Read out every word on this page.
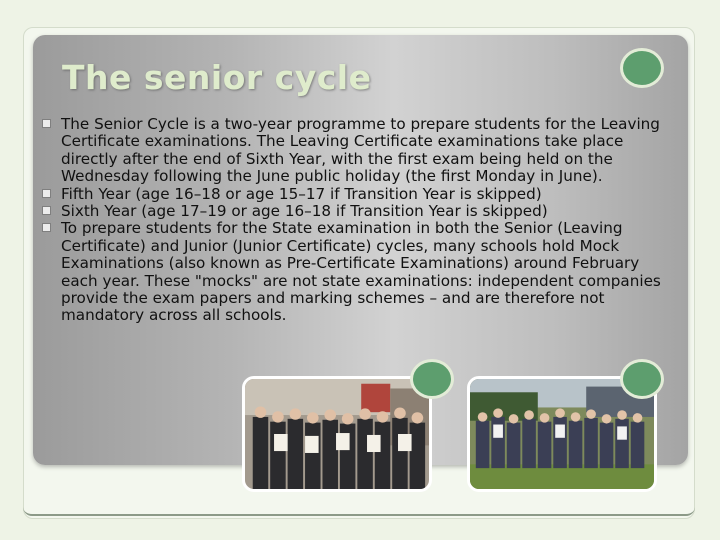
The senior cycle
The Senior Cycle is a two-year programme to prepare students for the Leaving Certificate examinations. The Leaving Certificate examinations take place directly after the end of Sixth Year, with the first exam being held on the Wednesday following the June public holiday (the first Monday in June).
Fifth Year (age 16–18 or age 15–17 if Transition Year is skipped)
Sixth Year (age 17–19 or age 16–18 if Transition Year is skipped)
To prepare students for the State examination in both the Senior (Leaving Certificate) and Junior (Junior Certificate) cycles, many schools hold Mock Examinations (also known as Pre-Certificate Examinations) around February each year. These "mocks" are not state examinations: independent companies provide the exam papers and marking schemes – and are therefore not mandatory across all schools.
